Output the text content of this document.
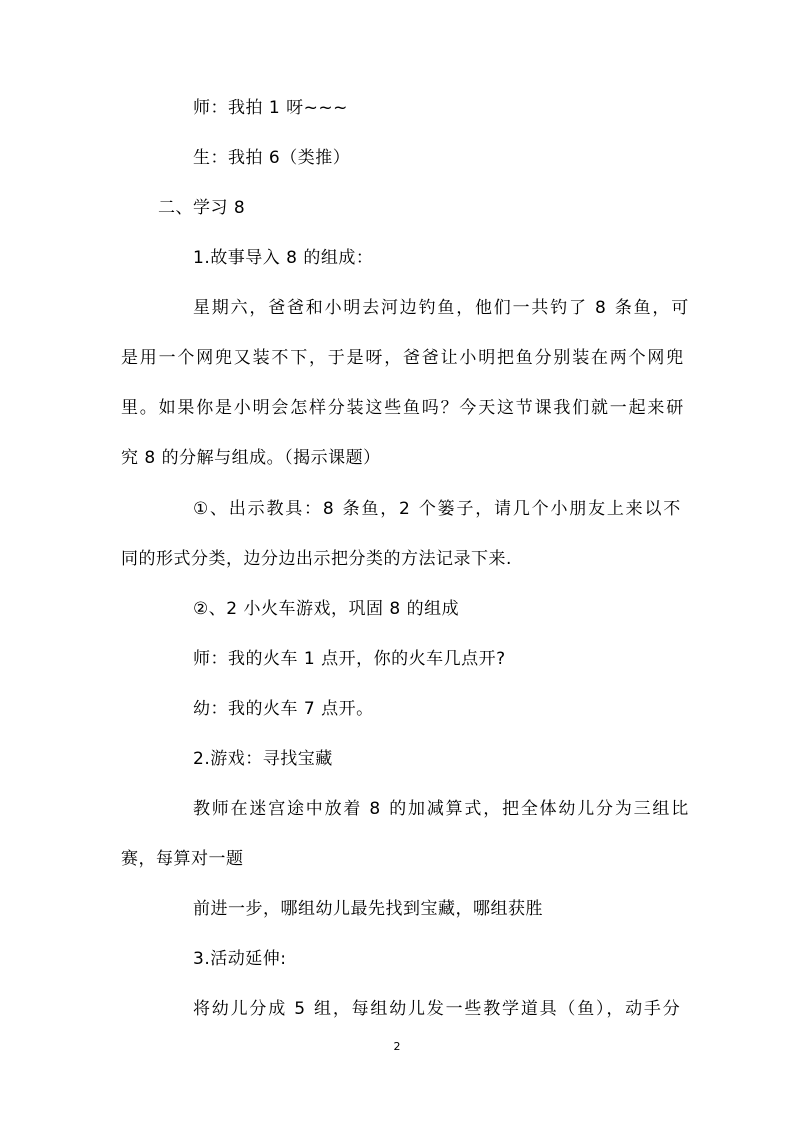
师：我拍 1 呀~~~
生：我拍 6（类推）
二、学习 8
1.故事导入 8 的组成：
星期六，爸爸和小明去河边钓鱼，他们一共钓了 8 条鱼，可
是用一个网兜又装不下，于是呀，爸爸让小明把鱼分别装在两个网兜
里。如果你是小明会怎样分装这些鱼吗？今天这节课我们就一起来研
究 8 的分解与组成。（揭示课题）
①、出示教具：8 条鱼，2 个篓子，请几个小朋友上来以不
同的形式分类，边分边出示把分类的方法记录下来.
②、2 小火车游戏，巩固 8 的组成
师：我的火车 1 点开，你的火车几点开?
幼：我的火车 7 点开。
2.游戏：寻找宝藏
教师在迷宫途中放着 8 的加减算式，把全体幼儿分为三组比
赛，每算对一题
前进一步，哪组幼儿最先找到宝藏，哪组获胜
3.活动延伸:
将幼儿分成 5 组，每组幼儿发一些教学道具（鱼），动手分
2
